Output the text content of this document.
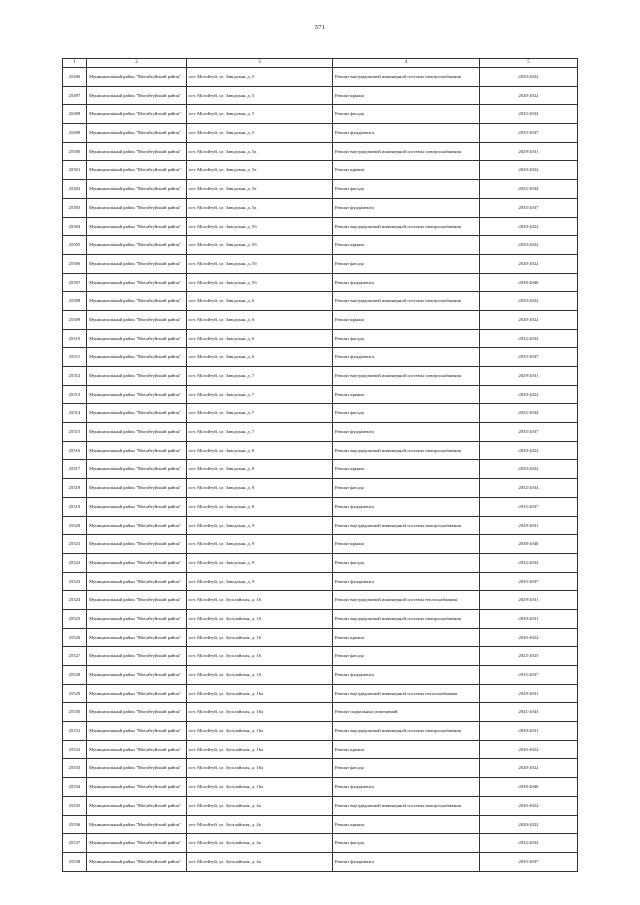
571
1	2	3	4	5
25496	Муниципальный район "Могойтуйский район"	пгт. Могойтуй, ул. Заводская, д. 5	Ремонт внутридомовой инженерной системы электроснабжения	2020-2022
25497	Муниципальный район "Могойтуйский район"	пгт. Могойтуй, ул. Заводская, д. 5	Ремонт крыши	2020-2022
25498	Муниципальный район "Могойтуйский район"	пгт. Могойтуй, ул. Заводская, д. 5	Ремонт фасада	2032-2034
25499	Муниципальный район "Могойтуйский район"	пгт. Могойтуй, ул. Заводская, д. 5	Ремонт фундамента	2035-2037
25500	Муниципальный район "Могойтуйский район"	пгт. Могойтуй, ул. Заводская, д. 5а	Ремонт внутридомовой инженерной системы электроснабжения	2029-2031
25501	Муниципальный район "Могойтуйский район"	пгт. Могойтуй, ул. Заводская, д. 5а	Ремонт крыши	2020-2022
25502	Муниципальный район "Могойтуйский район"	пгт. Могойтуй, ул. Заводская, д. 5а	Ремонт фасада	2032-2034
25503	Муниципальный район "Могойтуйский район"	пгт. Могойтуй, ул. Заводская, д. 5а	Ремонт фундамента	2035-2037
25504	Муниципальный район "Могойтуйский район"	пгт. Могойтуй, ул. Заводская, д. 5б	Ремонт внутридомовой инженерной системы электроснабжения	2020-2022
25505	Муниципальный район "Могойтуйский район"	пгт. Могойтуй, ул. Заводская, д. 5б	Ремонт крыши	2020-2022
25506	Муниципальный район "Могойтуйский район"	пгт. Могойтуй, ул. Заводская, д. 5б	Ремонт фасада	2020-2022
25507	Муниципальный район "Могойтуйский район"	пгт. Могойтуй, ул. Заводская, д. 5б	Ремонт фундамента	2038-2040
25508	Муниципальный район "Могойтуйский район"	пгт. Могойтуй, ул. Заводская, д. 6	Ремонт внутридомовой инженерной системы электроснабжения	2020-2022
25509	Муниципальный район "Могойтуйский район"	пгт. Могойтуй, ул. Заводская, д. 6	Ремонт крыши	2020-2022
25510	Муниципальный район "Могойтуйский район"	пгт. Могойтуй, ул. Заводская, д. 6	Ремонт фасада	2032-2034
25511	Муниципальный район "Могойтуйский район"	пгт. Могойтуй, ул. Заводская, д. 6	Ремонт фундамента	2035-2037
25512	Муниципальный район "Могойтуйский район"	пгт. Могойтуй, ул. Заводская, д. 7	Ремонт внутридомовой инженерной системы электроснабжения	2029-2031
25513	Муниципальный район "Могойтуйский район"	пгт. Могойтуй, ул. Заводская, д. 7	Ремонт крыши	2020-2022
25514	Муниципальный район "Могойтуйский район"	пгт. Могойтуй, ул. Заводская, д. 7	Ремонт фасада	2032-2034
25515	Муниципальный район "Могойтуйский район"	пгт. Могойтуй, ул. Заводская, д. 7	Ремонт фундамента	2035-2037
25516	Муниципальный район "Могойтуйский район"	пгт. Могойтуй, ул. Заводская, д. 8	Ремонт внутридомовой инженерной системы электроснабжения	2020-2022
25517	Муниципальный район "Могойтуйский район"	пгт. Могойтуй, ул. Заводская, д. 8	Ремонт крыши	2020-2022
25518	Муниципальный район "Могойтуйский район"	пгт. Могойтуй, ул. Заводская, д. 8	Ремонт фасада	2032-2034
25519	Муниципальный район "Могойтуйский район"	пгт. Могойтуй, ул. Заводская, д. 8	Ремонт фундамента	2035-2037
25520	Муниципальный район "Могойтуйский район"	пгт. Могойтуй, ул. Заводская, д. 9	Ремонт внутридомовой инженерной системы электроснабжения	2029-2031
25521	Муниципальный район "Могойтуйский район"	пгт. Могойтуй, ул. Заводская, д. 9	Ремонт крыши	2038-2040
25522	Муниципальный район "Могойтуйский район"	пгт. Могойтуй, ул. Заводская, д. 9	Ремонт фасада	2032-2034
25523	Муниципальный район "Могойтуйский район"	пгт. Могойтуй, ул. Заводская, д. 9	Ремонт фундамента	2035-2037
25524	Муниципальный район "Могойтуйский район"	пгт. Могойтуй, ул. Зугалайская, д. 16	Ремонт внутридомовой инженерной системы теплоснабжения	2029-2031
25525	Муниципальный район "Могойтуйский район"	пгт. Могойтуй, ул. Зугалайская, д. 16	Ремонт внутридомовой инженерной системы электроснабжения	2029-2031
25526	Муниципальный район "Могойтуйский район"	пгт. Могойтуй, ул. Зугалайская, д. 16	Ремонт крыши	2020-2022
25527	Муниципальный район "Могойтуйский район"	пгт. Могойтуй, ул. Зугалайская, д. 16	Ремонт фасада	2023-2025
25528	Муниципальный район "Могойтуйский район"	пгт. Могойтуй, ул. Зугалайская, д. 16	Ремонт фундамента	2035-2037
25529	Муниципальный район "Могойтуйский район"	пгт. Могойтуй, ул. Зугалайская, д. 16а	Ремонт внутридомовой инженерной системы теплоснабжения	2029-2031
25530	Муниципальный район "Могойтуйский район"	пгт. Могойтуй, ул. Зугалайская, д. 16а	Ремонт подвальных помещений	2041-2043
25531	Муниципальный район "Могойтуйский район"	пгт. Могойтуй, ул. Зугалайская, д. 16а	Ремонт внутридомовой инженерной системы электроснабжения	2029-2031
25532	Муниципальный район "Могойтуйский район"	пгт. Могойтуй, ул. Зугалайская, д. 16а	Ремонт крыши	2020-2022
25533	Муниципальный район "Могойтуйский район"	пгт. Могойтуй, ул. Зугалайская, д. 16а	Ремонт фасада	2020-2022
25534	Муниципальный район "Могойтуйский район"	пгт. Могойтуй, ул. Зугалайская, д. 16а	Ремонт фундамента	2038-2040
25535	Муниципальный район "Могойтуйский район"	пгт. Могойтуй, ул. Зугалайская, д. 4а	Ремонт внутридомовой инженерной системы электроснабжения	2020-2022
25536	Муниципальный район "Могойтуйский район"	пгт. Могойтуй, ул. Зугалайская, д. 4а	Ремонт крыши	2020-2022
25537	Муниципальный район "Могойтуйский район"	пгт. Могойтуй, ул. Зугалайская, д. 4а	Ремонт фасада	2032-2034
25538	Муниципальный район "Могойтуйский район"	пгт. Могойтуй, ул. Зугалайская, д. 4а	Ремонт фундамента	2035-2037
